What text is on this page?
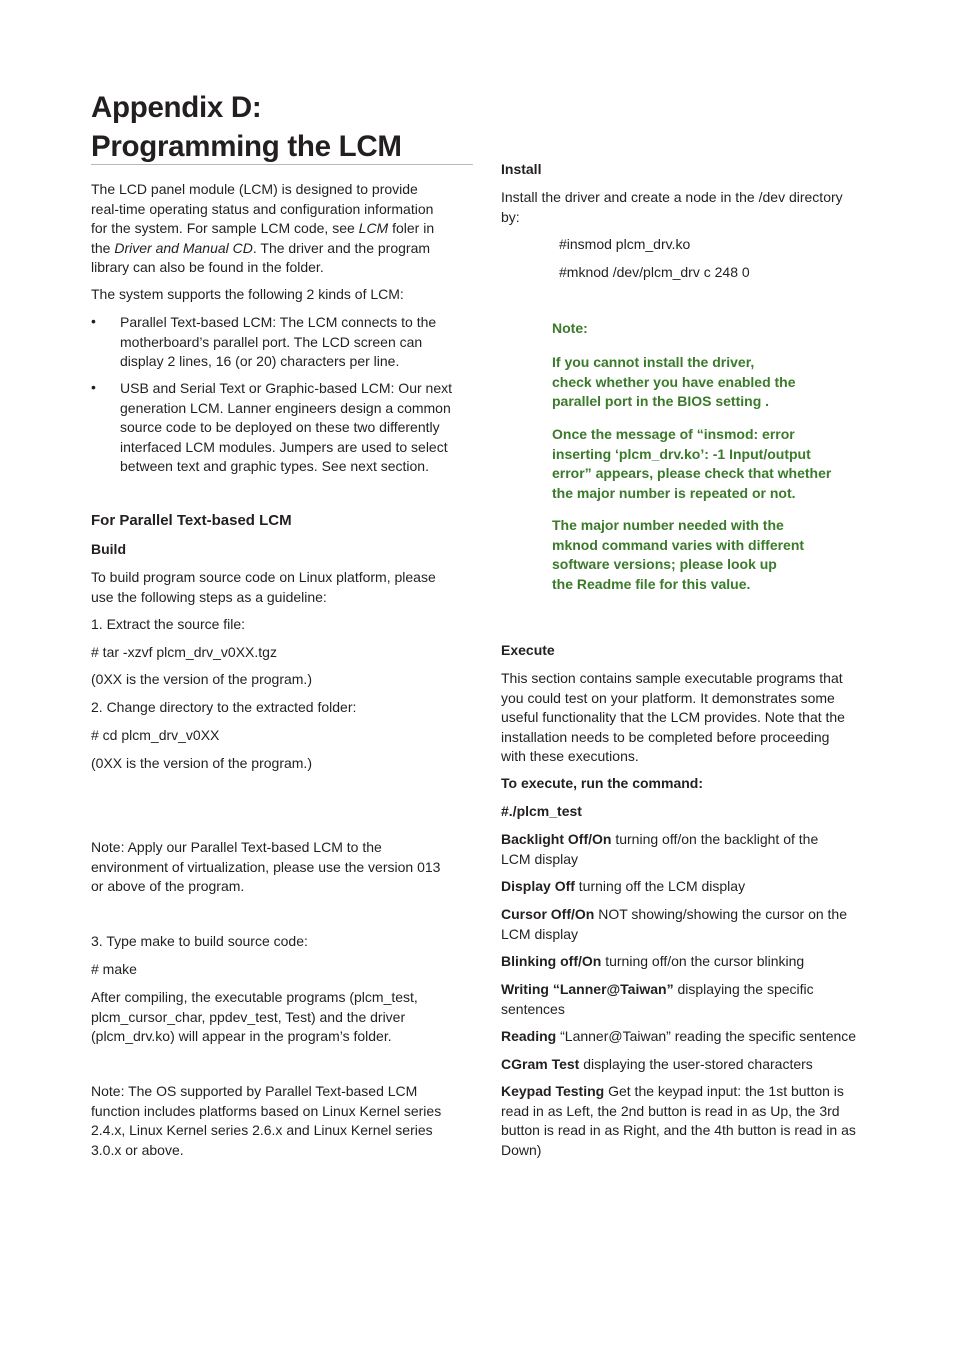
Appendix D:
Programming the LCM

The LCD panel module (LCM) is designed to provide
real-time operating status and configuration information
for the system. For sample LCM code, see LCM foler in
the Driver and Manual CD. The driver and the program
library can also be found in the folder.

The system supports the following 2 kinds of LCM:

• Parallel Text-based LCM: The LCM connects to the
motherboard’s parallel port. The LCD screen can
display 2 lines, 16 (or 20) characters per line.

• USB and Serial Text or Graphic-based LCM: Our next
generation LCM. Lanner engineers design a common
source code to be deployed on these two differently
interfaced LCM modules. Jumpers are used to select
between text and graphic types. See next section.

For Parallel Text-based LCM

Build

To build program source code on Linux platform, please
use the following steps as a guideline:

1. Extract the source file:

# tar -xzvf plcm_drv_v0XX.tgz

(0XX is the version of the program.)

2. Change directory to the extracted folder:

# cd plcm_drv_v0XX

(0XX is the version of the program.)

Note: Apply our Parallel Text-based LCM to the
environment of virtualization, please use the version 013
or above of the program.

3. Type make to build source code:

# make

After compiling, the executable programs (plcm_test,
plcm_cursor_char, ppdev_test, Test) and the driver
(plcm_drv.ko) will appear in the program’s folder.

Note: The OS supported by Parallel Text-based LCM
function includes platforms based on Linux Kernel series
2.4.x, Linux Kernel series 2.6.x and Linux Kernel series
3.0.x or above.

Install

Install the driver and create a node in the /dev directory
by:

#insmod plcm_drv.ko

#mknod /dev/plcm_drv c 248 0

Note:

If you cannot install the driver,
check whether you have enabled the
parallel port in the BIOS setting .

Once the message of “insmod: error
inserting ‘plcm_drv.ko’: -1 Input/output
error” appears, please check that whether
the major number is repeated or not.

The major number needed with the
mknod command varies with different
software versions; please look up
the Readme file for this value.

Execute

This section contains sample executable programs that
you could test on your platform. It demonstrates some
useful functionality that the LCM provides. Note that the
installation needs to be completed before proceeding
with these executions.

To execute, run the command:

#./plcm_test

Backlight Off/On turning off/on the backlight of the
LCM display

Display Off turning off the LCM display

Cursor Off/On NOT showing/showing the cursor on the
LCM display

Blinking off/On turning off/on the cursor blinking

Writing “Lanner@Taiwan” displaying the specific
sentences

Reading “Lanner@Taiwan” reading the specific sentence

CGram Test displaying the user-stored characters

Keypad Testing Get the keypad input: the 1st button is
read in as Left, the 2nd button is read in as Up, the 3rd
button is read in as Right, and the 4th button is read in as
Down)
